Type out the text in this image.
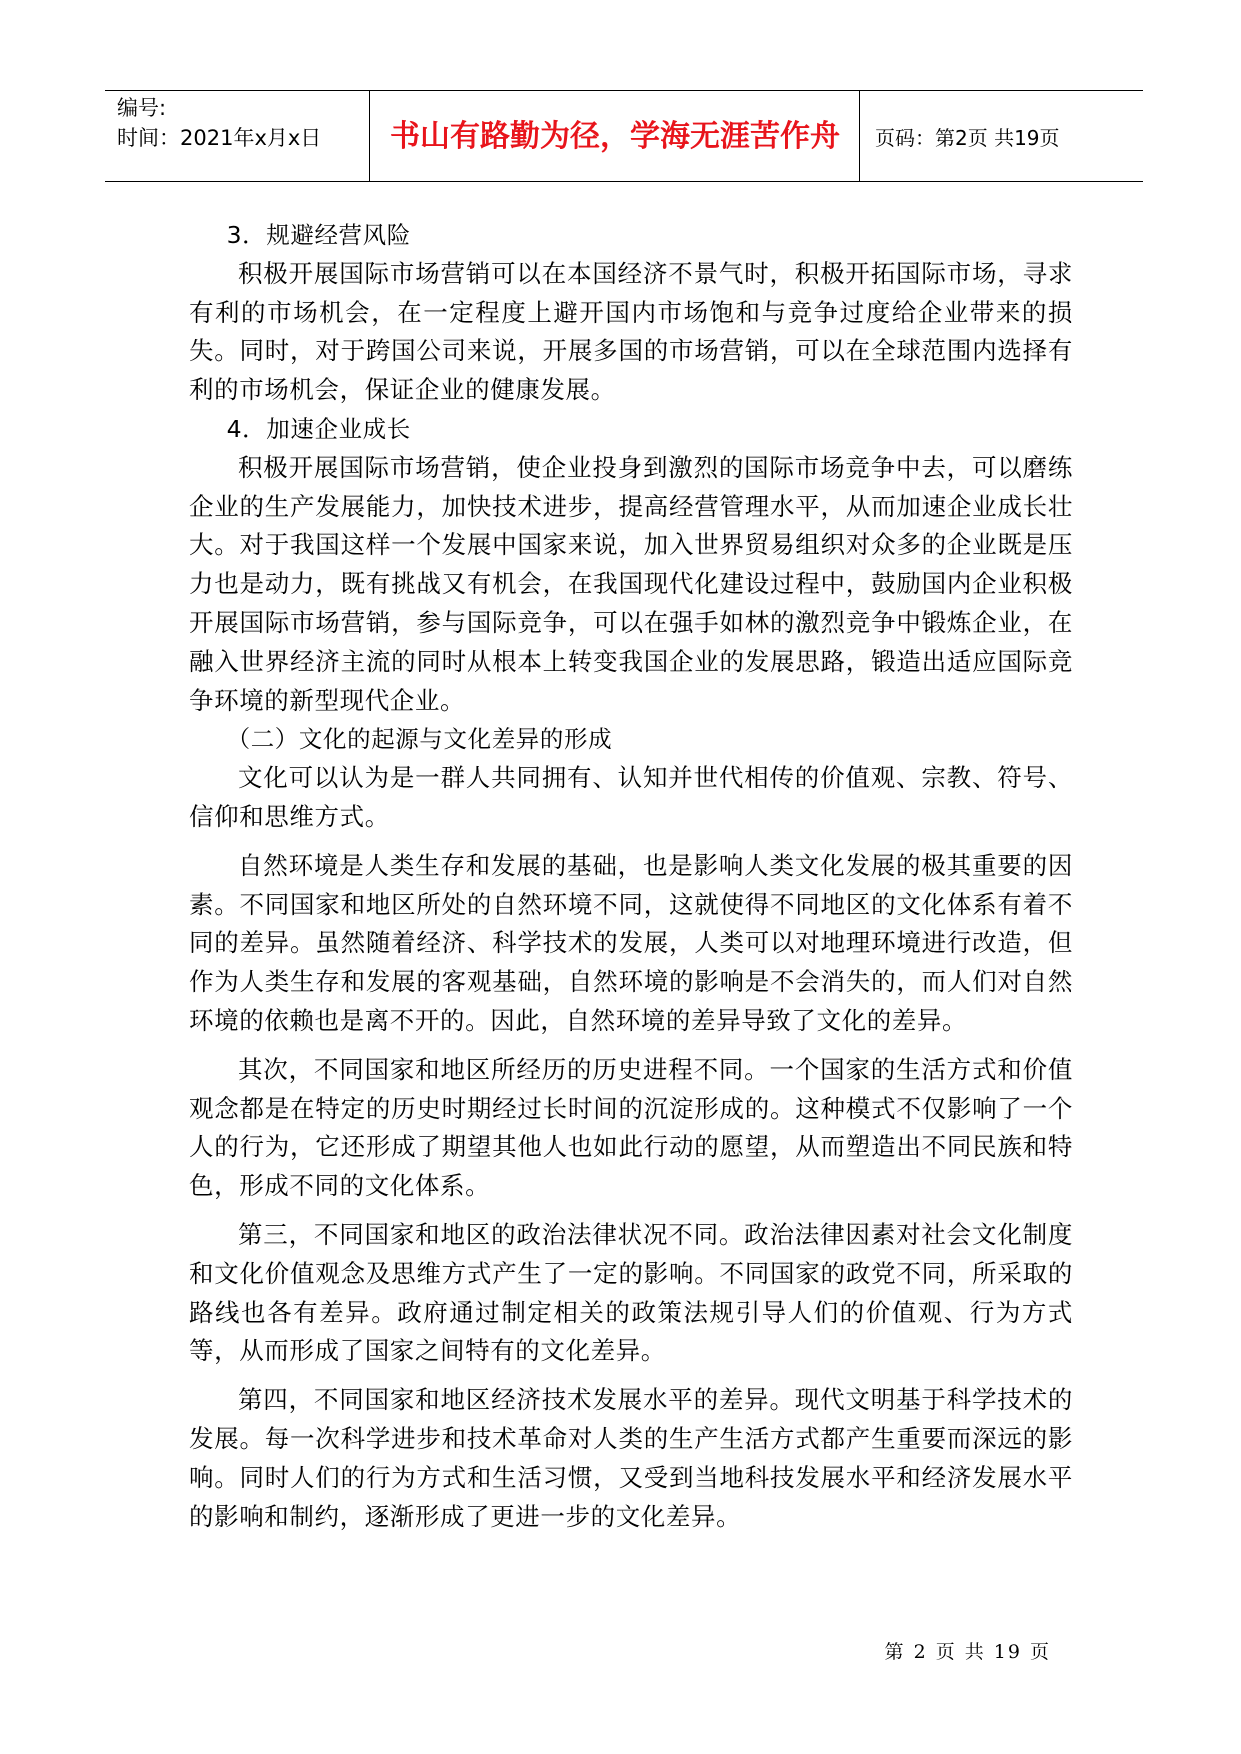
编号:
时间：2021年x月x日	书山有路勤为径，学海无涯苦作舟	页码：第2页 共19页

3．规避经营风险

积极开展国际市场营销可以在本国经济不景气时，积极开拓国际市场，寻求有利的市场机会，在一定程度上避开国内市场饱和与竞争过度给企业带来的损失。同时，对于跨国公司来说，开展多国的市场营销，可以在全球范围内选择有利的市场机会，保证企业的健康发展。

4．加速企业成长

积极开展国际市场营销，使企业投身到激烈的国际市场竞争中去，可以磨练企业的生产发展能力，加快技术进步，提高经营管理水平，从而加速企业成长壮大。对于我国这样一个发展中国家来说，加入世界贸易组织对众多的企业既是压力也是动力，既有挑战又有机会，在我国现代化建设过程中，鼓励国内企业积极开展国际市场营销，参与国际竞争，可以在强手如林的激烈竞争中锻炼企业，在融入世界经济主流的同时从根本上转变我国企业的发展思路，锻造出适应国际竞争环境的新型现代企业。

（二）文化的起源与文化差异的形成

文化可以认为是一群人共同拥有、认知并世代相传的价值观、宗教、符号、信仰和思维方式。

自然环境是人类生存和发展的基础，也是影响人类文化发展的极其重要的因素。不同国家和地区所处的自然环境不同，这就使得不同地区的文化体系有着不同的差异。虽然随着经济、科学技术的发展，人类可以对地理环境进行改造，但作为人类生存和发展的客观基础，自然环境的影响是不会消失的，而人们对自然环境的依赖也是离不开的。因此，自然环境的差异导致了文化的差异。

其次，不同国家和地区所经历的历史进程不同。一个国家的生活方式和价值观念都是在特定的历史时期经过长时间的沉淀形成的。这种模式不仅影响了一个人的行为，它还形成了期望其他人也如此行动的愿望，从而塑造出不同民族和特色，形成不同的文化体系。

第三，不同国家和地区的政治法律状况不同。政治法律因素对社会文化制度和文化价值观念及思维方式产生了一定的影响。不同国家的政党不同，所采取的路线也各有差异。政府通过制定相关的政策法规引导人们的价值观、行为方式等，从而形成了国家之间特有的文化差异。

第四，不同国家和地区经济技术发展水平的差异。现代文明基于科学技术的发展。每一次科学进步和技术革命对人类的生产生活方式都产生重要而深远的影响。同时人们的行为方式和生活习惯，又受到当地科技发展水平和经济发展水平的影响和制约，逐渐形成了更进一步的文化差异。

第 2 页 共 19 页
